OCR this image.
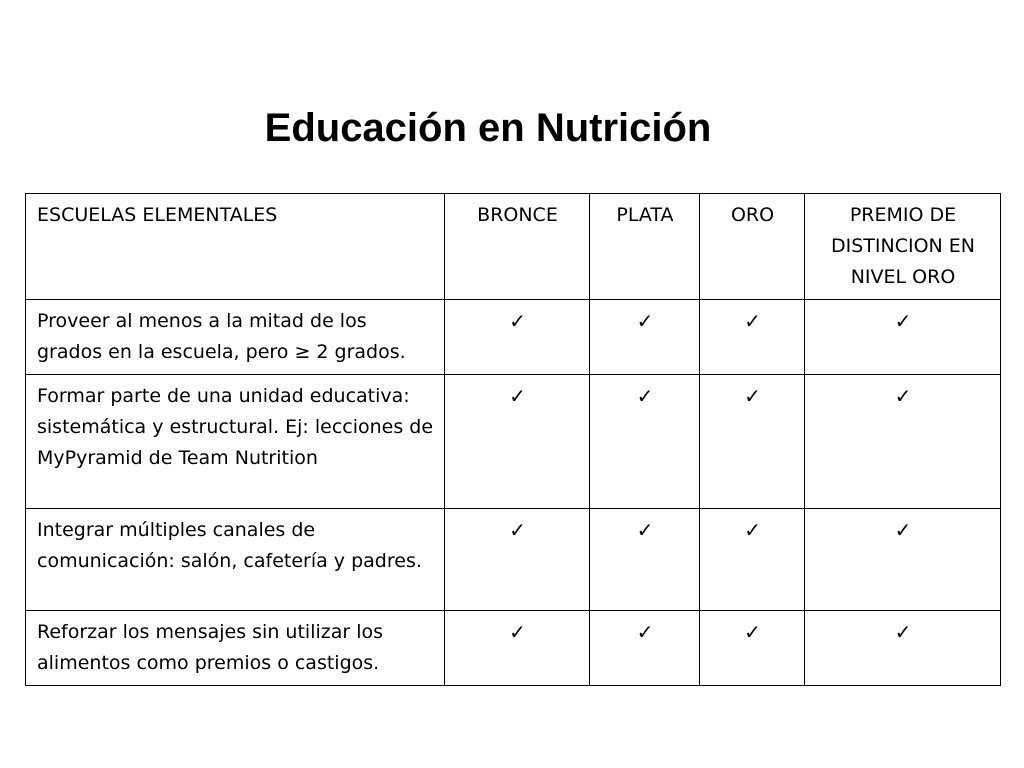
Educación en Nutrición
ESCUELAS ELEMENTALES	BRONCE	PLATA	ORO	PREMIO DE DISTINCION EN NIVEL ORO
Proveer al menos a la mitad de los grados en la escuela, pero ≥ 2 grados.	✓	✓	✓	✓
Formar parte de una unidad educativa: sistemática y estructural. Ej: lecciones de MyPyramid de Team Nutrition	✓	✓	✓	✓
Integrar múltiples canales de comunicación: salón, cafetería y padres.	✓	✓	✓	✓
Reforzar los mensajes sin utilizar los alimentos como premios o castigos.	✓	✓	✓	✓
